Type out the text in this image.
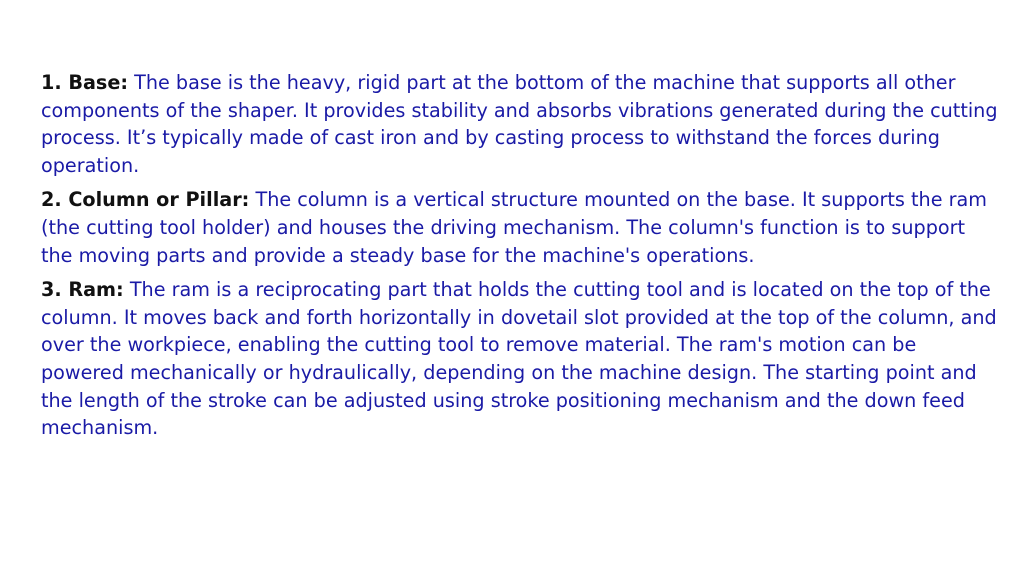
1. Base: The base is the heavy, rigid part at the bottom of the machine that supports all other components of the shaper. It provides stability and absorbs vibrations generated during the cutting process. It’s typically made of cast iron and by casting process to withstand the forces during operation.

2. Column or Pillar: The column is a vertical structure mounted on the base. It supports the ram (the cutting tool holder) and houses the driving mechanism. The column's function is to support the moving parts and provide a steady base for the machine's operations.

3. Ram: The ram is a reciprocating part that holds the cutting tool and is located on the top of the column. It moves back and forth horizontally in dovetail slot provided at the top of the column, and over the workpiece, enabling the cutting tool to remove material. The ram's motion can be powered mechanically or hydraulically, depending on the machine design. The starting point and the length of the stroke can be adjusted using stroke positioning mechanism and the down feed mechanism.
